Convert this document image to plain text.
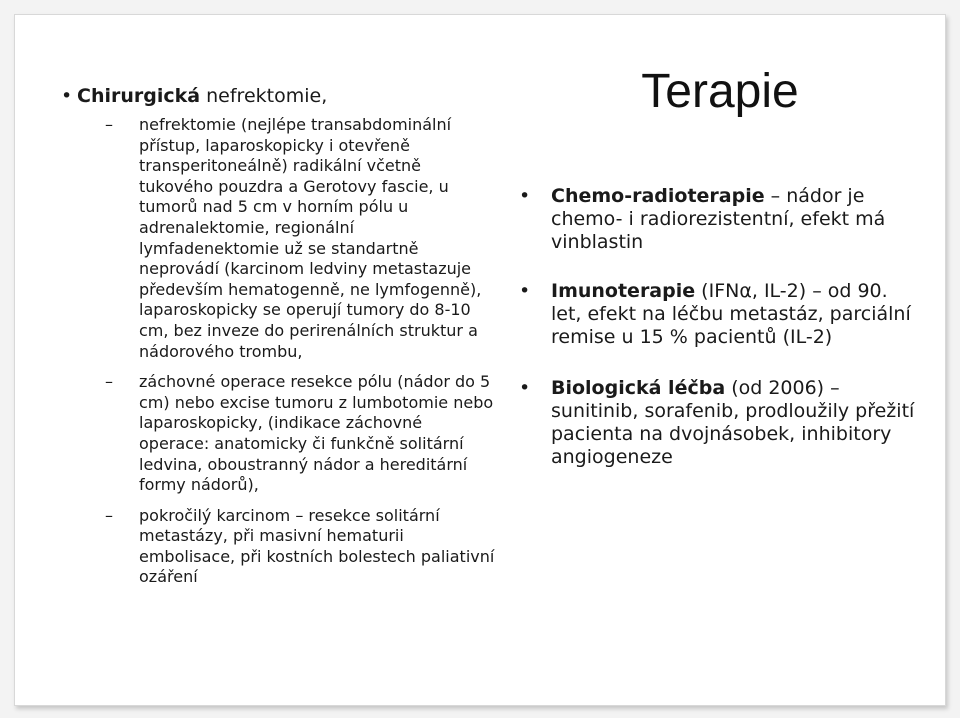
• Chirurgická nefrektomie,
– nefrektomie (nejlépe transabdominální přístup, laparoskopicky i otevřeně transperitoneálně) radikální včetně tukového pouzdra a Gerotovy fascie, u tumorů nad 5 cm v horním pólu u adrenalektomie, regionální lymfadenektomie už se standartně neprovádí (karcinom ledviny metastazuje především hematogenně, ne lymfogenně), laparoskopicky se operují tumory do 8-10 cm, bez inveze do perirenálních struktur a nádorového trombu,
– záchovné operace resekce pólu (nádor do 5 cm) nebo excise tumoru z lumbotomie nebo laparoskopicky, (indikace záchovné operace: anatomicky či funkčně solitární ledvina, oboustranný nádor a hereditární formy nádorů),
– pokročilý karcinom – resekce solitární metastázy, při masivní hematurii embolisace, při kostních bolestech paliativní ozáření
Terapie
• Chemo-radioterapie – nádor je chemo- i radiorezistentní, efekt má vinblastin
• Imunoterapie (IFNα, IL-2) – od 90. let, efekt na léčbu metastáz, parciální remise u 15 % pacientů (IL-2)
• Biologická léčba (od 2006) – sunitinib, sorafenib, prodloužily přežití pacienta na dvojnásobek, inhibitory angiogeneze
